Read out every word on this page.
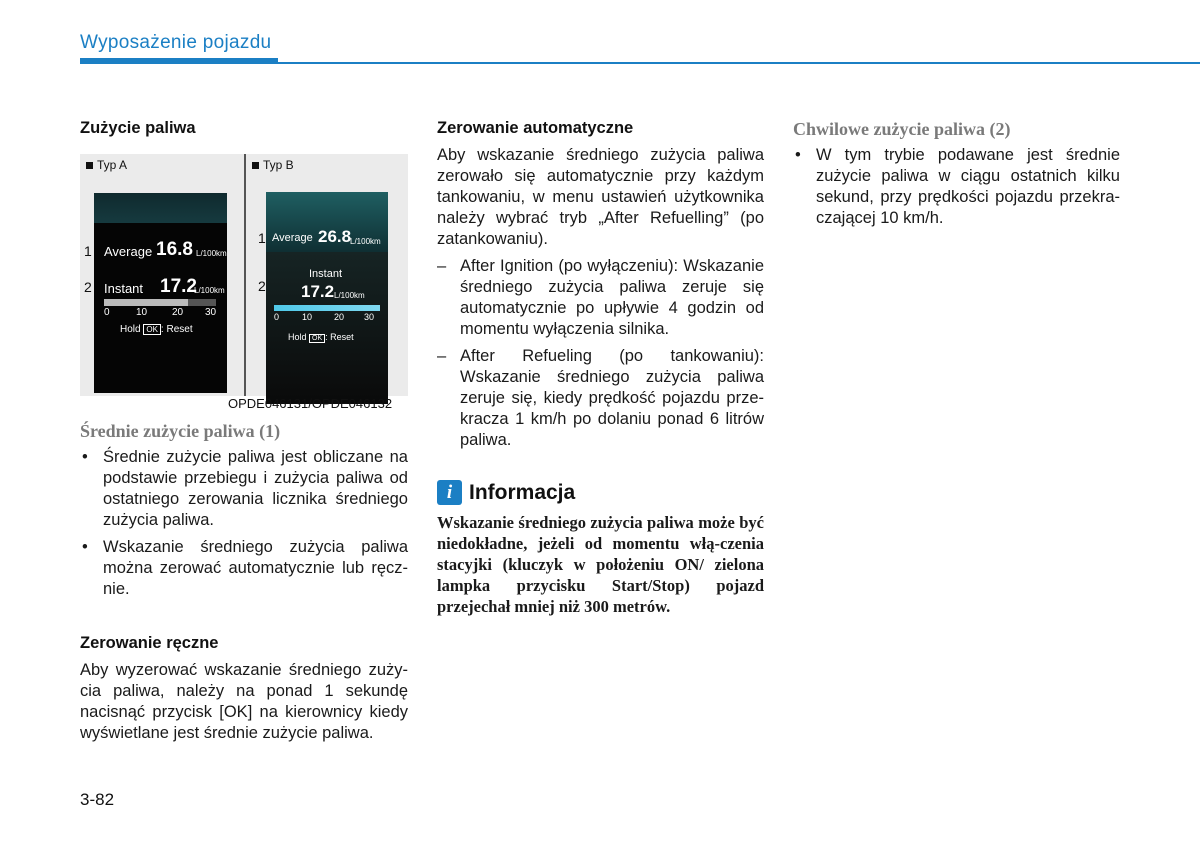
Wyposażenie pojazdu
Zużycie paliwa
Typ A	Typ B
Average 16.8 L/100km
Instant 17.2
L/100km
0	10 20 30
Hold OK : Reset
1
2
Average 26.8
L/100km
Instant
17.2 L/100km
0	10 20 30
Hold OK : Reset
1
2
OPDE046131/OPDE046132
Średnie zużycie paliwa (1)
• Średnie zużycie paliwa jest obliczane na podstawie przebiegu i zużycia paliwa od ostatniego zerowania licznika średniego zużycia paliwa.
• Wskazanie średniego zużycia paliwa można zerować automatycznie lub ręcz-nie.
Zerowanie ręczne

Aby wyzerować wskazanie średniego zuży-cia paliwa, należy na ponad 1 sekundę nacisnąć przycisk [OK] na kierownicy kiedy wyświetlane jest średnie zużycie paliwa.

Zerowanie automatyczne

Aby wskazanie średniego zużycia paliwa zerowało się automatycznie przy każdym tankowaniu, w menu ustawień użytkownika należy wybrać tryb „After Refuelling” (po zatankowaniu).

– After Ignition (po wyłączeniu): Wskazanie średniego zużycia paliwa zeruje się automatycznie po upływie 4 godzin od momentu wyłączenia silnika.
– After Refueling (po tankowaniu): Wskazanie średniego zużycia paliwa zeruje się, kiedy prędkość pojazdu prze-kracza 1 km/h po dolaniu ponad 6 litrów paliwa.
i Informacja

Wskazanie średniego zużycia paliwa może być niedokładne, jeżeli od momentu włą-czenia stacyjki (kluczyk w położeniu ON/ zielona lampka przycisku Start/Stop) pojazd przejechał mniej niż 300 metrów.

Chwilowe zużycie paliwa (2)
• W tym trybie podawane jest średnie zużycie paliwa w ciągu ostatnich kilku sekund, przy prędkości pojazdu przekra-czającej 10 km/h.
3-82
